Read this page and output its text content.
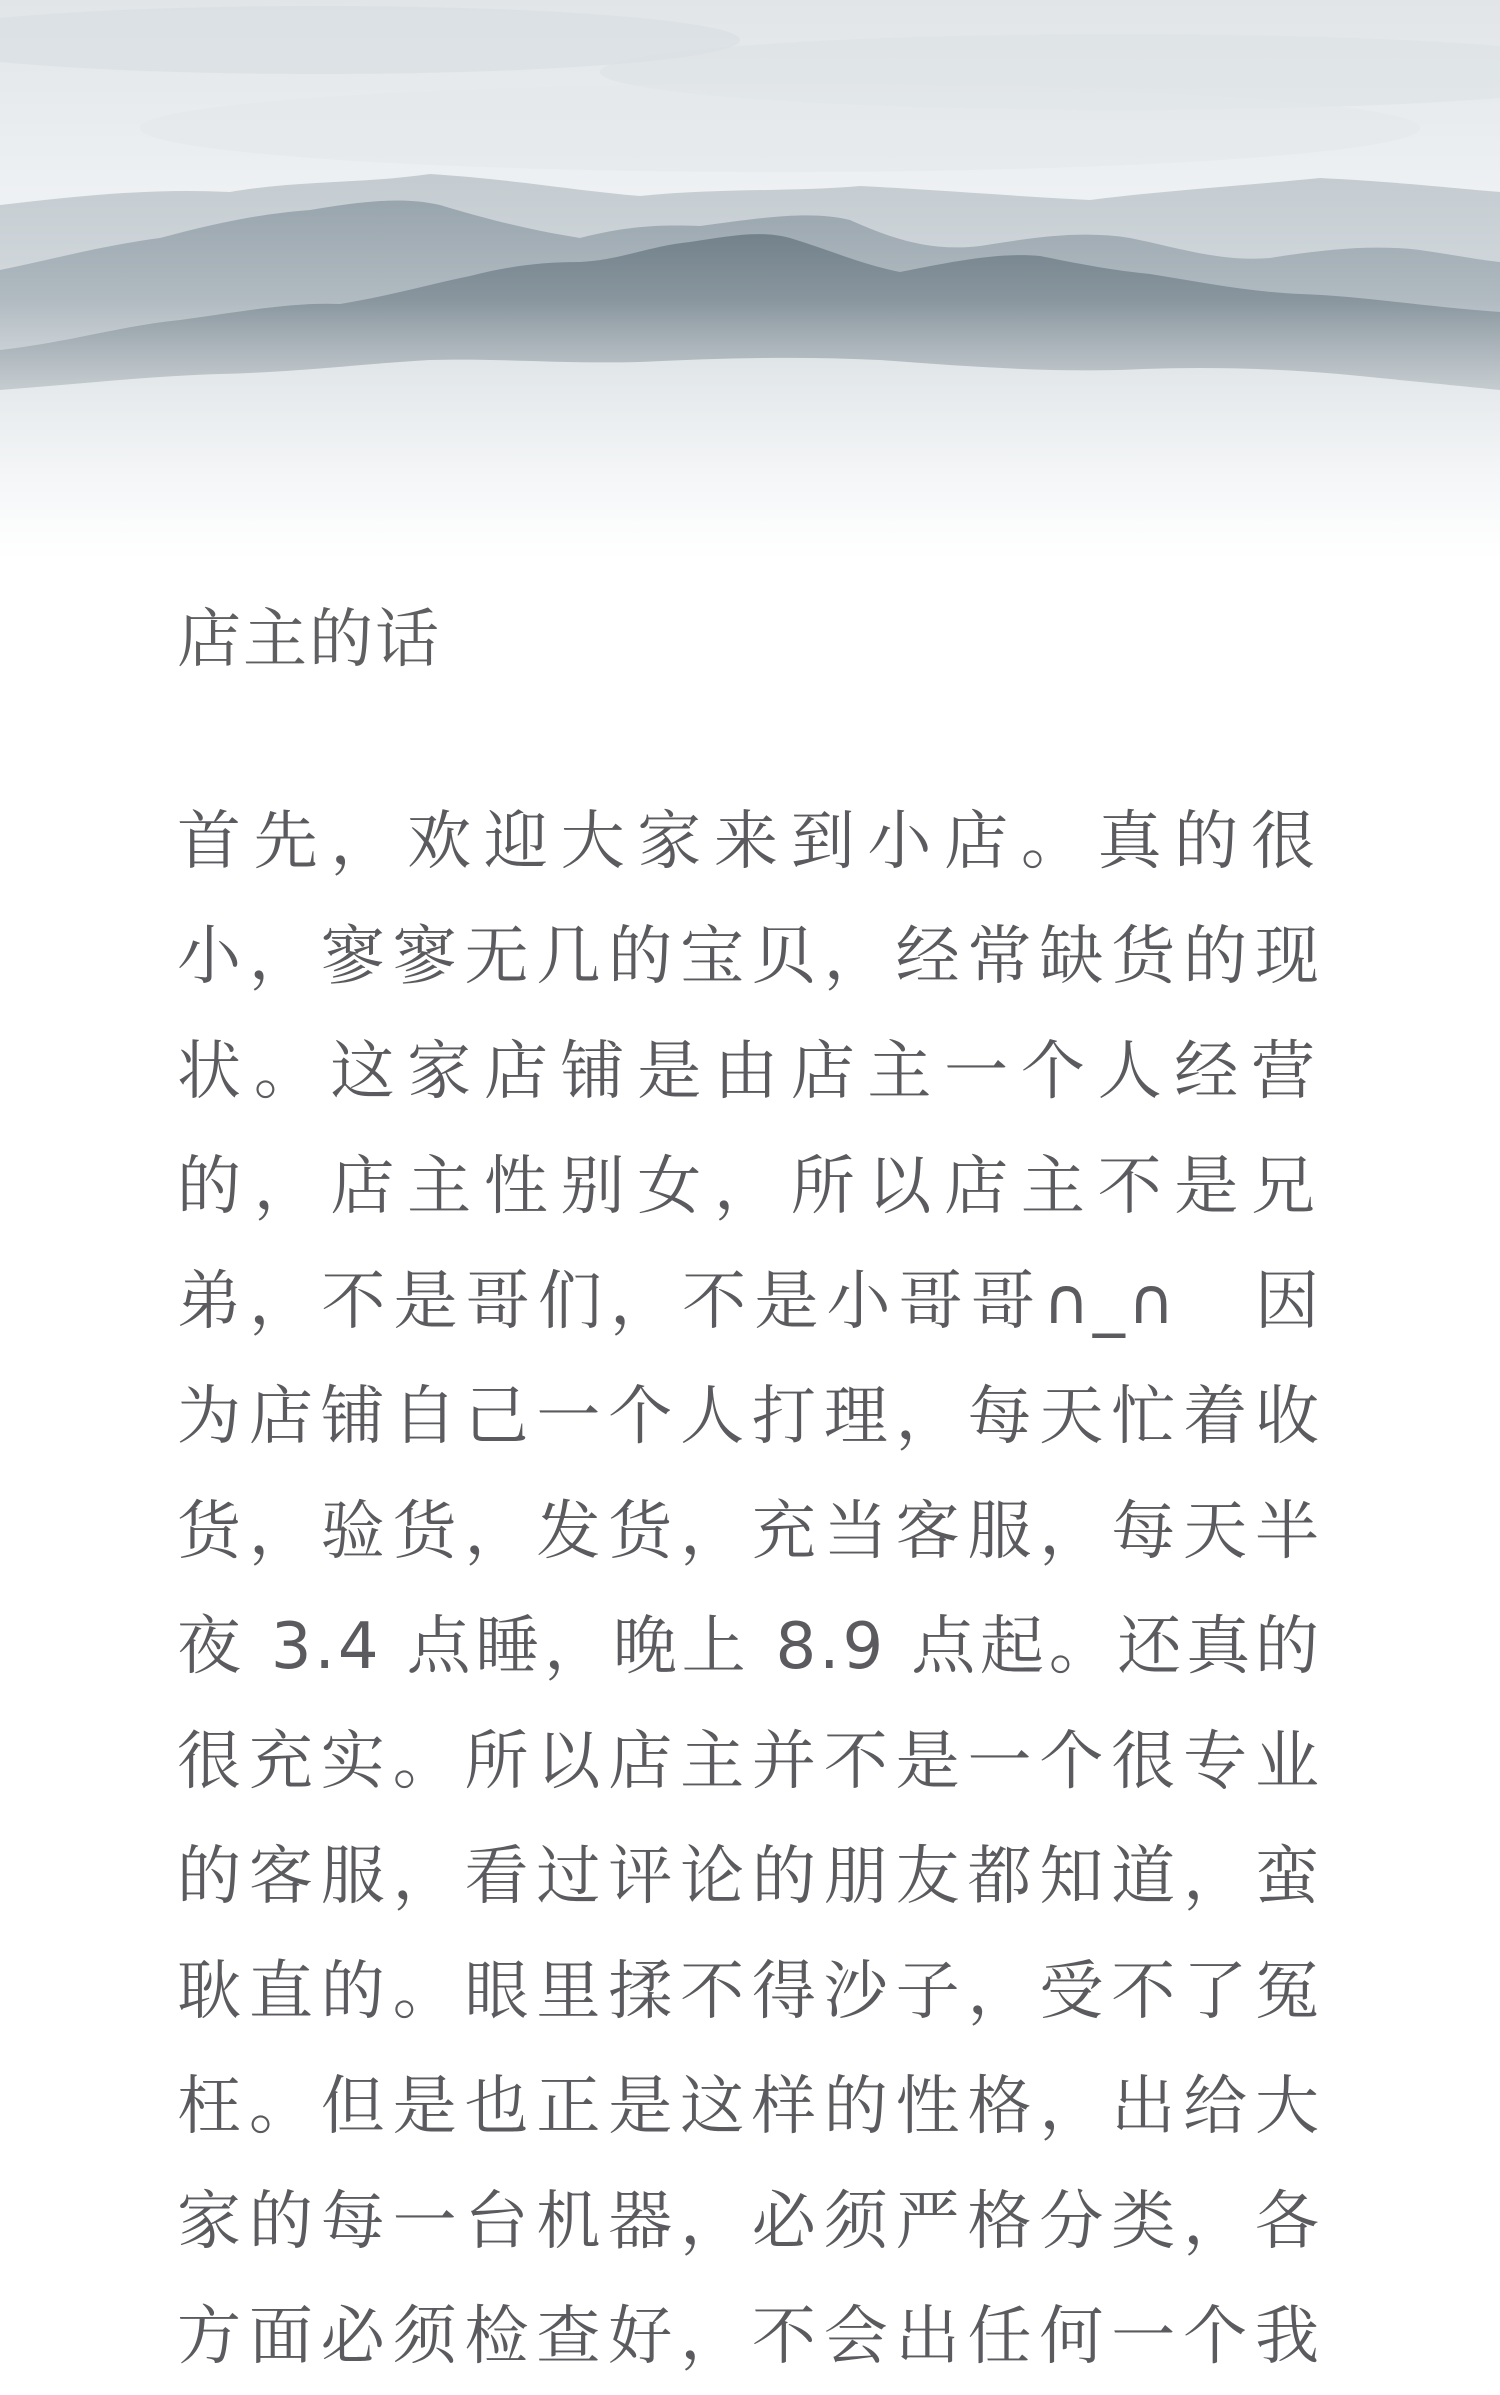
店主的话
首先，欢迎大家来到小店。真的很
小，寥寥无几的宝贝，经常缺货的现
状。这家店铺是由店主一个人经营
的，店主性别女，所以店主不是兄
弟，不是哥们，不是小哥哥∩_∩　因
为店铺自己一个人打理，每天忙着收
货，验货，发货，充当客服，每天半
夜 3.4 点睡，晚上 8.9 点起。还真的
很充实。所以店主并不是一个很专业
的客服，看过评论的朋友都知道，蛮
耿直的。眼里揉不得沙子，受不了冤
枉。但是也正是这样的性格，出给大
家的每一台机器，必须严格分类，各
方面必须检查好，不会出任何一个我
